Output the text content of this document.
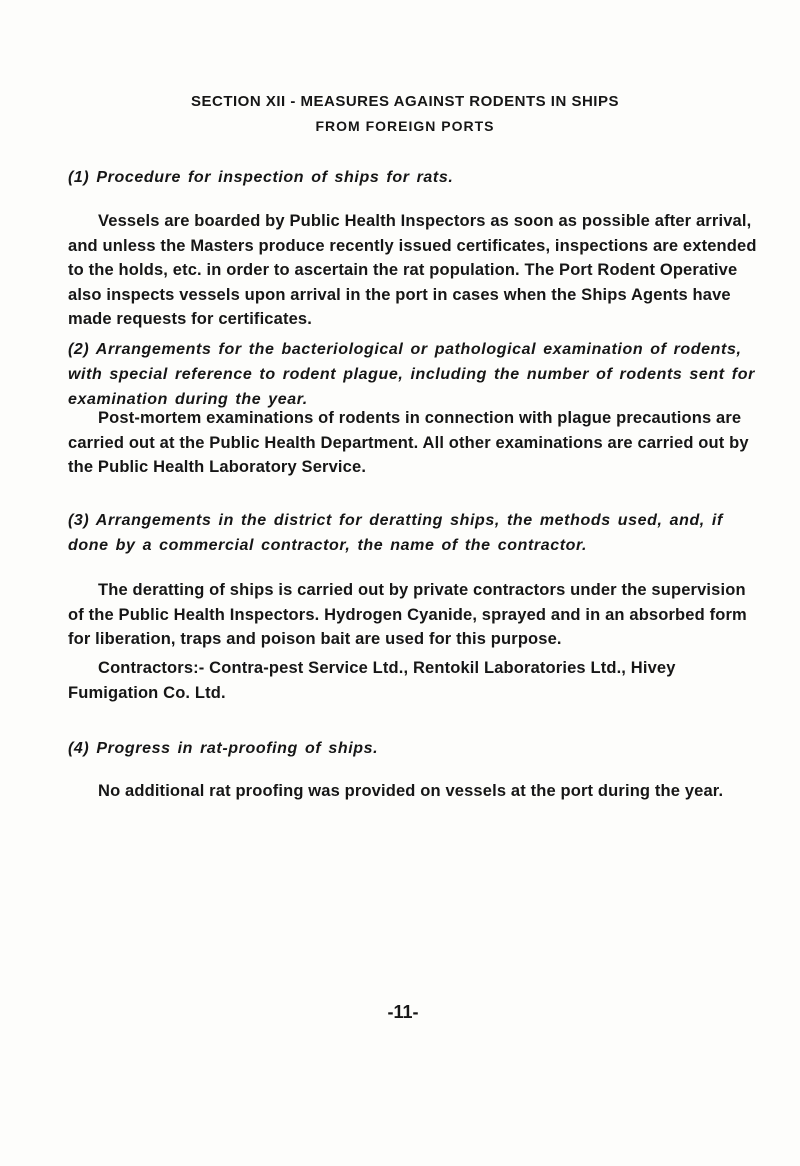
SECTION XII - MEASURES AGAINST RODENTS IN SHIPS
FROM FOREIGN PORTS
(1) Procedure for inspection of ships for rats.
Vessels are boarded by Public Health Inspectors as soon as possible after arrival, and unless the Masters produce recently issued certificates, inspections are extended to the holds, etc. in order to ascertain the rat population. The Port Rodent Operative also inspects vessels upon arrival in the port in cases when the Ships Agents have made requests for certificates.
(2) Arrangements for the bacteriological or pathological examination of rodents, with special reference to rodent plague, including the number of rodents sent for examination during the year.
Post-mortem examinations of rodents in connection with plague precautions are carried out at the Public Health Department. All other examinations are carried out by the Public Health Laboratory Service.
(3) Arrangements in the district for deratting ships, the methods used, and, if done by a commercial contractor, the name of the contractor.
The deratting of ships is carried out by private contractors under the supervision of the Public Health Inspectors. Hydrogen Cyanide, sprayed and in an absorbed form for liberation, traps and poison bait are used for this purpose.
Contractors:- Contra-pest Service Ltd., Rentokil Laboratories Ltd., Hivey Fumigation Co. Ltd.
(4) Progress in rat-proofing of ships.
No additional rat proofing was provided on vessels at the port during the year.
-11-
